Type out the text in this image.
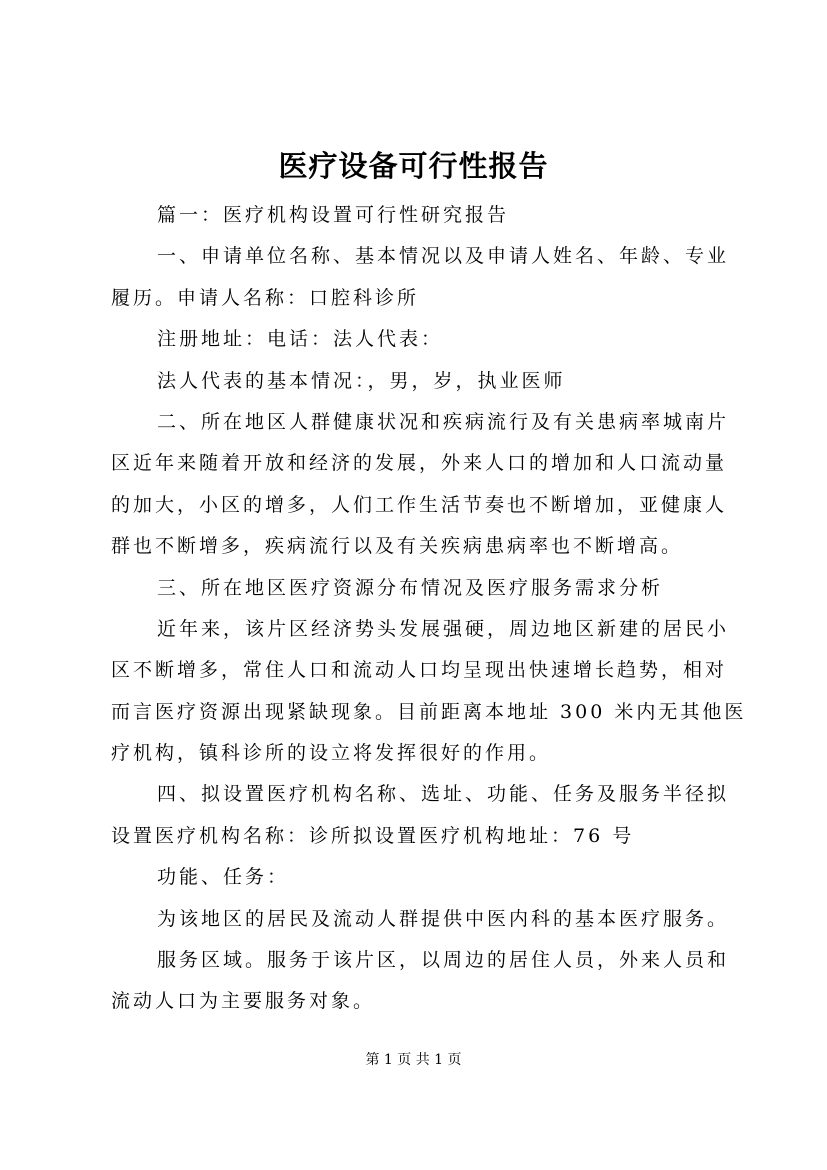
医疗设备可行性报告
篇一：医疗机构设置可行性研究报告
一、申请单位名称、基本情况以及申请人姓名、年龄、专业
履历。申请人名称：口腔科诊所
注册地址：电话：法人代表：
法人代表的基本情况：，男，岁，执业医师
二、所在地区人群健康状况和疾病流行及有关患病率城南片
区近年来随着开放和经济的发展，外来人口的增加和人口流动量
的加大，小区的增多，人们工作生活节奏也不断增加，亚健康人
群也不断增多，疾病流行以及有关疾病患病率也不断增高。
三、所在地区医疗资源分布情况及医疗服务需求分析
近年来，该片区经济势头发展强硬，周边地区新建的居民小
区不断增多，常住人口和流动人口均呈现出快速增长趋势，相对
而言医疗资源出现紧缺现象。目前距离本地址 300 米内无其他医
疗机构，镇科诊所的设立将发挥很好的作用。
四、拟设置医疗机构名称、选址、功能、任务及服务半径拟
设置医疗机构名称：诊所拟设置医疗机构地址：76 号
功能、任务：
为该地区的居民及流动人群提供中医内科的基本医疗服务。
服务区域。服务于该片区，以周边的居住人员，外来人员和
流动人口为主要服务对象。
第 1 页 共 1 页
